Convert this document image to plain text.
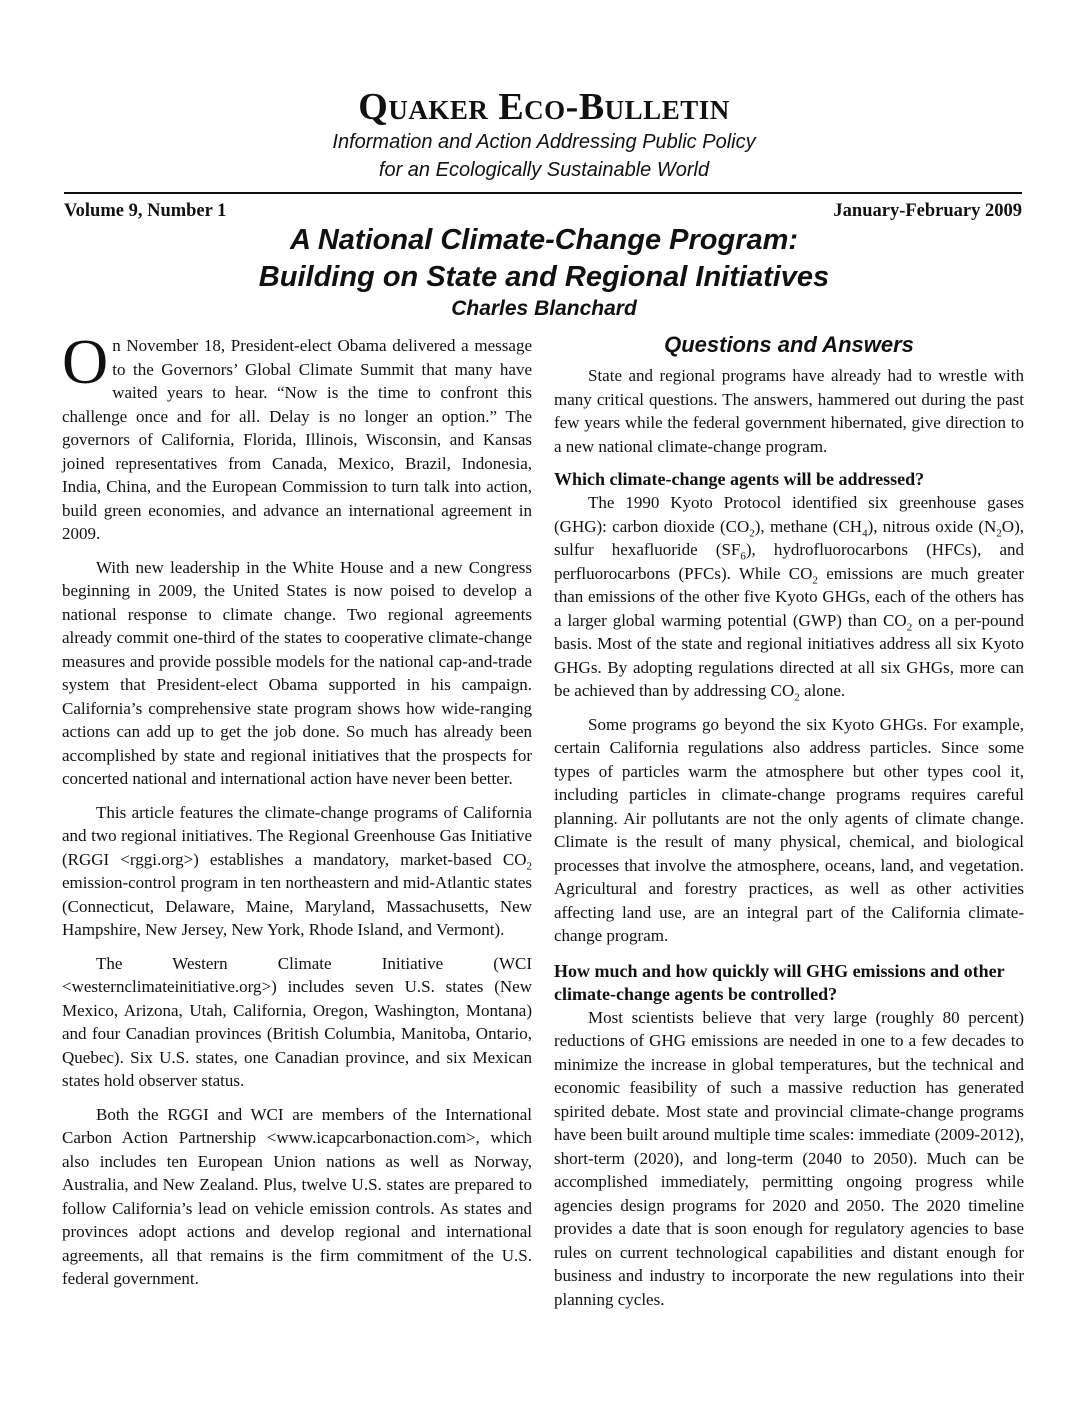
Quaker Eco-Bulletin
Information and Action Addressing Public Policy
for an Ecologically Sustainable World
Volume 9, Number 1	January-February 2009
A National Climate-Change Program:
Building on State and Regional Initiatives
Charles Blanchard

On November 18, President-elect Obama delivered a message to the Governors’ Global Climate Summit that many have waited years to hear. “Now is the time to confront this challenge once and for all. Delay is no longer an option.” The governors of California, Florida, Illinois, Wisconsin, and Kansas joined representatives from Canada, Mexico, Brazil, Indonesia, India, China, and the European Commission to turn talk into action, build green economies, and advance an international agreement in 2009.

With new leadership in the White House and a new Congress beginning in 2009, the United States is now poised to develop a national response to climate change. Two regional agreements already commit one-third of the states to cooperative climate-change measures and provide possible models for the national cap-and-trade system that President-elect Obama supported in his campaign. California’s comprehensive state program shows how wide-ranging actions can add up to get the job done. So much has already been accomplished by state and regional initiatives that the prospects for concerted national and international action have never been better.

This article features the climate-change programs of California and two regional initiatives. The Regional Greenhouse Gas Initiative (RGGI <rggi.org>) establishes a mandatory, market-based $CO_2$ emission-control program in ten northeastern and mid-Atlantic states (Connecticut, Delaware, Maine, Maryland, Massachusetts, New Hampshire, New Jersey, New York, Rhode Island, and Vermont).

The Western Climate Initiative (WCI <westernclimateinitiative.org>) includes seven U.S. states (New Mexico, Arizona, Utah, California, Oregon, Washington, Montana) and four Canadian provinces (British Columbia, Manitoba, Ontario, Quebec). Six U.S. states, one Canadian province, and six Mexican states hold observer status.

Both the RGGI and WCI are members of the International Carbon Action Partnership <www.icapcarbonaction.com>, which also includes ten European Union nations as well as Norway, Australia, and New Zealand. Plus, twelve U.S. states are prepared to follow California’s lead on vehicle emission controls. As states and provinces adopt actions and develop regional and international agreements, all that remains is the firm commitment of the U.S. federal government.

Questions and Answers

State and regional programs have already had to wrestle with many critical questions. The answers, hammered out during the past few years while the federal government hibernated, give direction to a new national climate-change program.

Which climate-change agents will be addressed?

The 1990 Kyoto Protocol identified six greenhouse gases (GHG): carbon dioxide $(CO_2)$, methane $(CH_4)$, nitrous oxide $(N_2O)$, sulfur hexafluoride $(SF_6)$, hydrofluorocarbons (HFCs), and perfluorocarbons (PFCs). While $CO_2$ emissions are much greater than emissions of the other five Kyoto GHGs, each of the others has a larger global warming potential (GWP) than $CO_2$ on a per-pound basis. Most of the state and regional initiatives address all six Kyoto GHGs. By adopting regulations directed at all six GHGs, more can be achieved than by addressing $CO_2$ alone.

Some programs go beyond the six Kyoto GHGs. For example, certain California regulations also address particles. Since some types of particles warm the atmosphere but other types cool it, including particles in climate-change programs requires careful planning. Air pollutants are not the only agents of climate change. Climate is the result of many physical, chemical, and biological processes that involve the atmosphere, oceans, land, and vegetation. Agricultural and forestry practices, as well as other activities affecting land use, are an integral part of the California climate-change program.

How much and how quickly will GHG emissions and other climate-change agents be controlled?

Most scientists believe that very large (roughly 80 percent) reductions of GHG emissions are needed in one to a few decades to minimize the increase in global temperatures, but the technical and economic feasibility of such a massive reduction has generated spirited debate. Most state and provincial climate-change programs have been built around multiple time scales: immediate (2009-2012), short-term (2020), and long-term (2040 to 2050). Much can be accomplished immediately, permitting ongoing progress while agencies design programs for 2020 and 2050. The 2020 timeline provides a date that is soon enough for regulatory agencies to base rules on current technological capabilities and distant enough for business and industry to incorporate the new regulations into their planning cycles.
